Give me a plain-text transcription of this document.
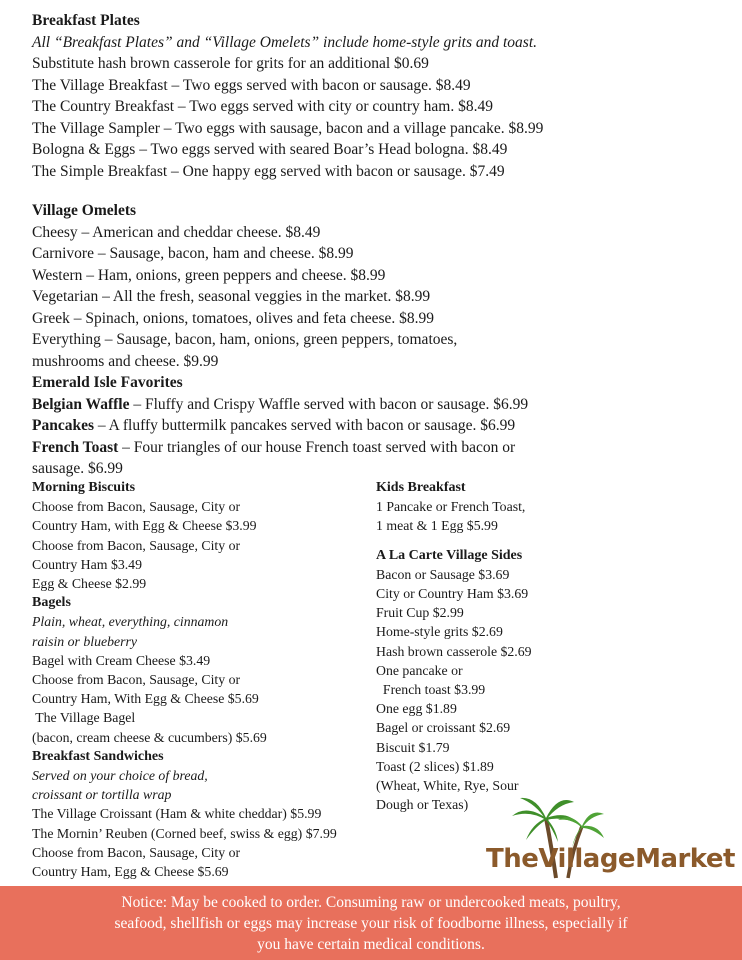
Breakfast Plates
All “Breakfast Plates” and “Village Omelets” include home-style grits and toast.
Substitute hash brown casserole for grits for an additional $0.69
The Village Breakfast – Two eggs served with bacon or sausage. $8.49
The Country Breakfast – Two eggs served with city or country ham. $8.49
The Village Sampler – Two eggs with sausage, bacon and a village pancake. $8.99
Bologna & Eggs – Two eggs served with seared Boar’s Head bologna. $8.49
The Simple Breakfast – One happy egg served with bacon or sausage. $7.49
Village Omelets
Cheesy – American and cheddar cheese. $8.49
Carnivore – Sausage, bacon, ham and cheese. $8.99
Western – Ham, onions, green peppers and cheese. $8.99
Vegetarian – All the fresh, seasonal veggies in the market. $8.99
Greek – Spinach, onions, tomatoes, olives and feta cheese. $8.99
Everything – Sausage, bacon, ham, onions, green peppers, tomatoes,
mushrooms and cheese. $9.99
Emerald Isle Favorites
Belgian Waffle – Fluffy and Crispy Waffle served with bacon or sausage. $6.99
Pancakes – A fluffy buttermilk pancakes served with bacon or sausage. $6.99
French Toast – Four triangles of our house French toast served with bacon or
sausage. $6.99
Morning Biscuits
Choose from Bacon, Sausage, City or
Country Ham, with Egg & Cheese $3.99
Choose from Bacon, Sausage, City or
Country Ham $3.49
Egg & Cheese $2.99
Bagels
Plain, wheat, everything, cinnamon
raisin or blueberry
Bagel with Cream Cheese $3.49
Choose from Bacon, Sausage, City or
Country Ham, With Egg & Cheese $5.69
The Village Bagel
(bacon, cream cheese & cucumbers) $5.69
Breakfast Sandwiches
Served on your choice of bread,
croissant or tortilla wrap
The Village Croissant (Ham & white cheddar) $5.99
The Mornin’ Reuben (Corned beef, swiss & egg) $7.99
Choose from Bacon, Sausage, City or
Country Ham, Egg & Cheese $5.69
Kids Breakfast
1 Pancake or French Toast,
1 meat & 1 Egg $5.99
A La Carte Village Sides
Bacon or Sausage $3.69
City or Country Ham $3.69
Fruit Cup $2.99
Home-style grits $2.69
Hash brown casserole $2.69
One pancake or
French toast $3.99
One egg $1.89
Bagel or croissant $2.69
Biscuit $1.79
Toast (2 slices) $1.89
(Wheat, White, Rye, Sour
Dough or Texas)
TheVillageMarket
Notice: May be cooked to order. Consuming raw or undercooked meats, poultry,
seafood, shellfish or eggs may increase your risk of foodborne illness, especially if
you have certain medical conditions.
